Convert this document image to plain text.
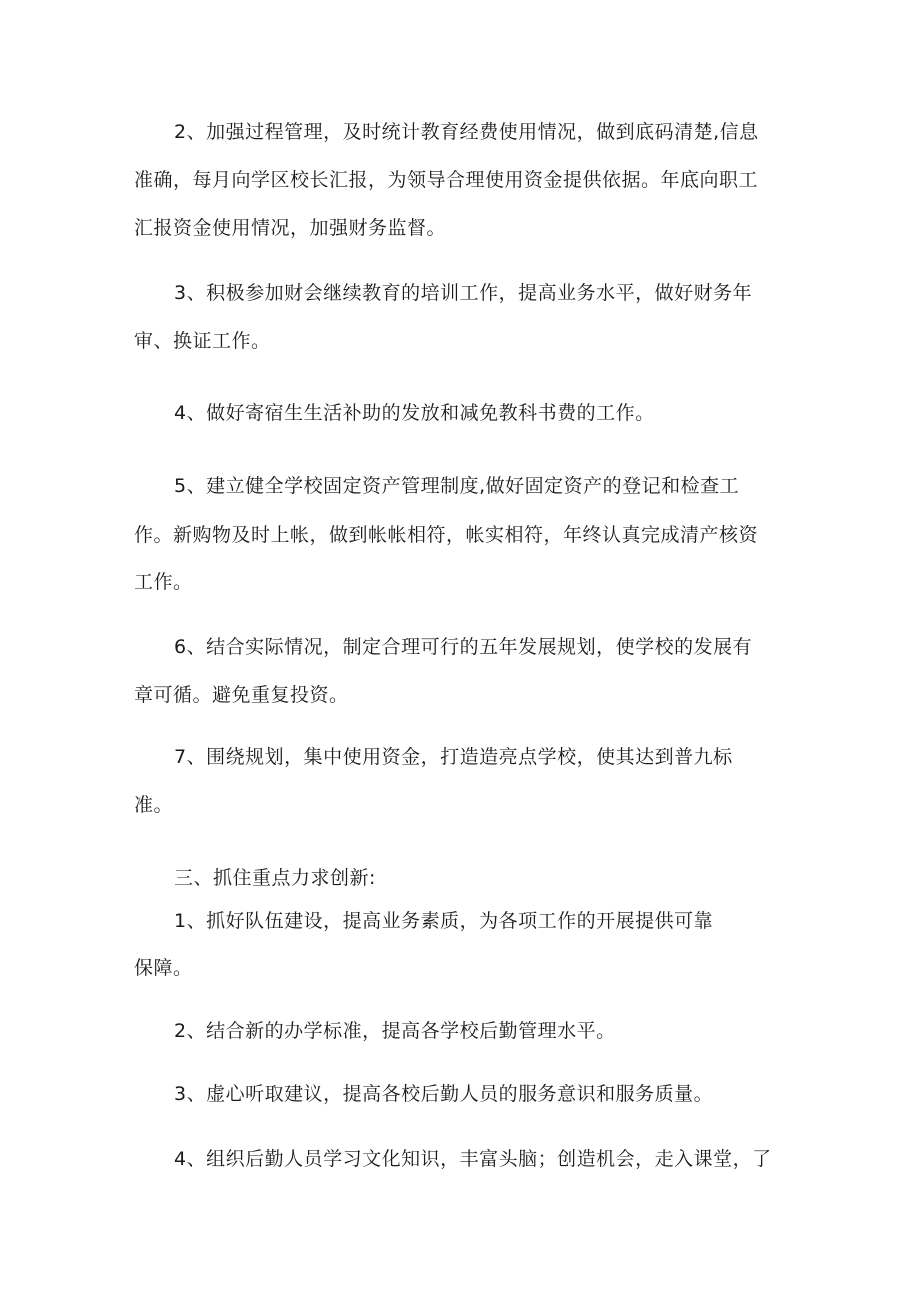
2、加强过程管理，及时统计教育经费使用情况，做到底码清楚,信息
准确，每月向学区校长汇报，为领导合理使用资金提供依据。年底向职工
汇报资金使用情况，加强财务监督。
3、积极参加财会继续教育的培训工作，提高业务水平，做好财务年
审、换证工作。
4、做好寄宿生生活补助的发放和减免教科书费的工作。
5、建立健全学校固定资产管理制度,做好固定资产的登记和检查工
作。新购物及时上帐，做到帐帐相符，帐实相符，年终认真完成清产核资
工作。
6、结合实际情况，制定合理可行的五年发展规划，使学校的发展有
章可循。避免重复投资。
7、围绕规划，集中使用资金，打造造亮点学校，使其达到普九标
准。
三、抓住重点力求创新:
1、抓好队伍建设，提高业务素质，为各项工作的开展提供可靠
保障。
2、结合新的办学标准，提高各学校后勤管理水平。
3、虚心听取建议，提高各校后勤人员的服务意识和服务质量。
4、组织后勤人员学习文化知识，丰富头脑；创造机会，走入课堂，了
